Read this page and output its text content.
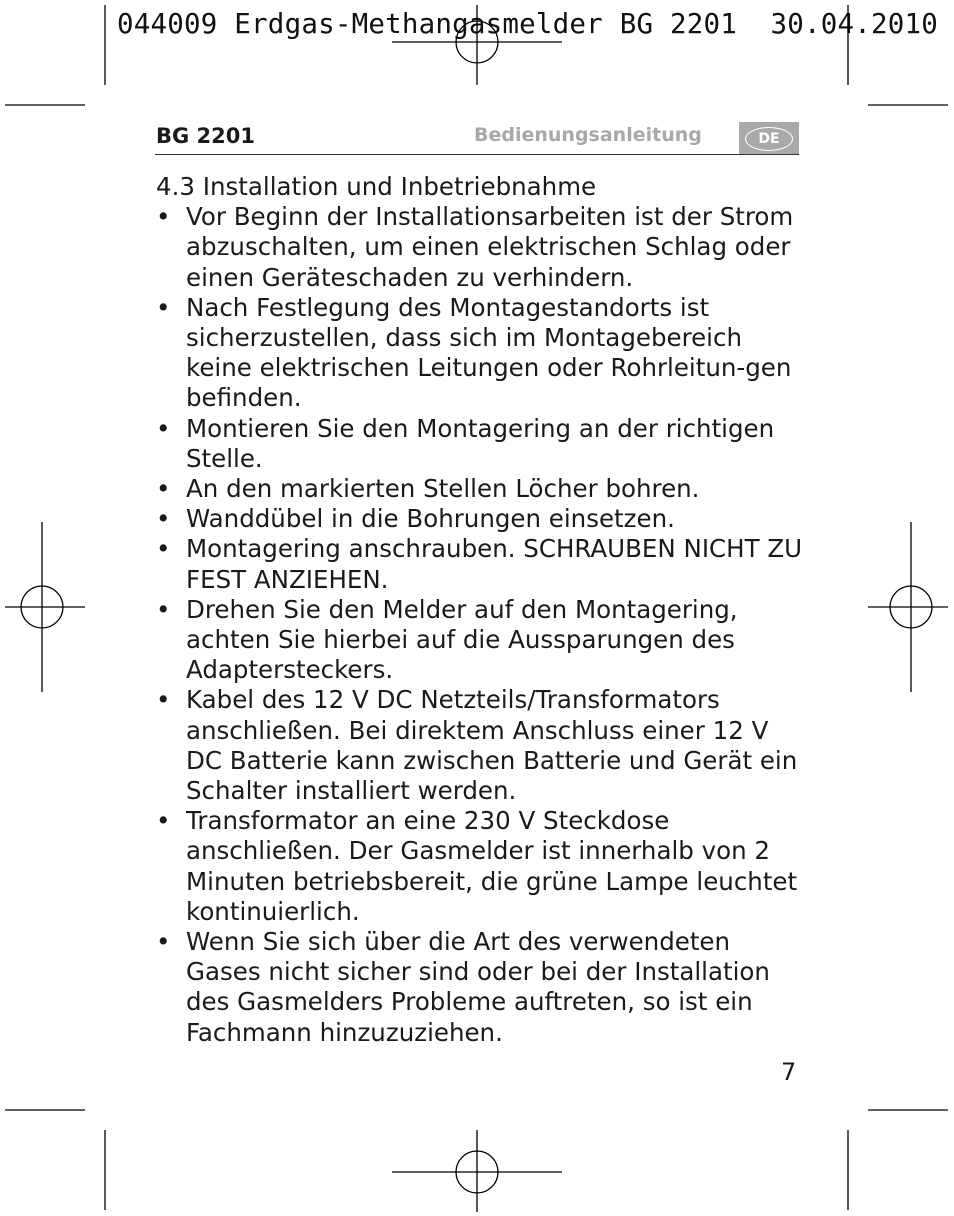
044009 Erdgas-Methangasmelder BG 2201  30.04.2010
BG 2201	Bedienungsanleitung	DE
4.3 Installation und Inbetriebnahme
• Vor Beginn der Installationsarbeiten ist der Strom abzuschalten, um einen elektrischen Schlag oder einen Geräteschaden zu verhindern.
• Nach Festlegung des Montagestandorts ist sicherzustellen, dass sich im Montagebereich keine elektrischen Leitungen oder Rohrleitun-gen befinden.
• Montieren Sie den Montagering an der richtigen Stelle.
• An den markierten Stellen Löcher bohren.
• Wanddübel in die Bohrungen einsetzen.
• Montagering anschrauben. SCHRAUBEN NICHT ZU FEST ANZIEHEN.
• Drehen Sie den Melder auf den Montagering, achten Sie hierbei auf die Aussparungen des Adaptersteckers.
• Kabel des 12 V DC Netzteils/Transformators anschließen. Bei direktem Anschluss einer 12 V DC Batterie kann zwischen Batterie und Gerät ein Schalter installiert werden.
• Transformator an eine 230 V Steckdose anschließen. Der Gasmelder ist innerhalb von 2 Minuten betriebsbereit, die grüne Lampe leuchtet kontinuierlich.
• Wenn Sie sich über die Art des verwendeten Gases nicht sicher sind oder bei der Installation des Gasmelders Probleme auftreten, so ist ein Fachmann hinzuzuziehen.
7
